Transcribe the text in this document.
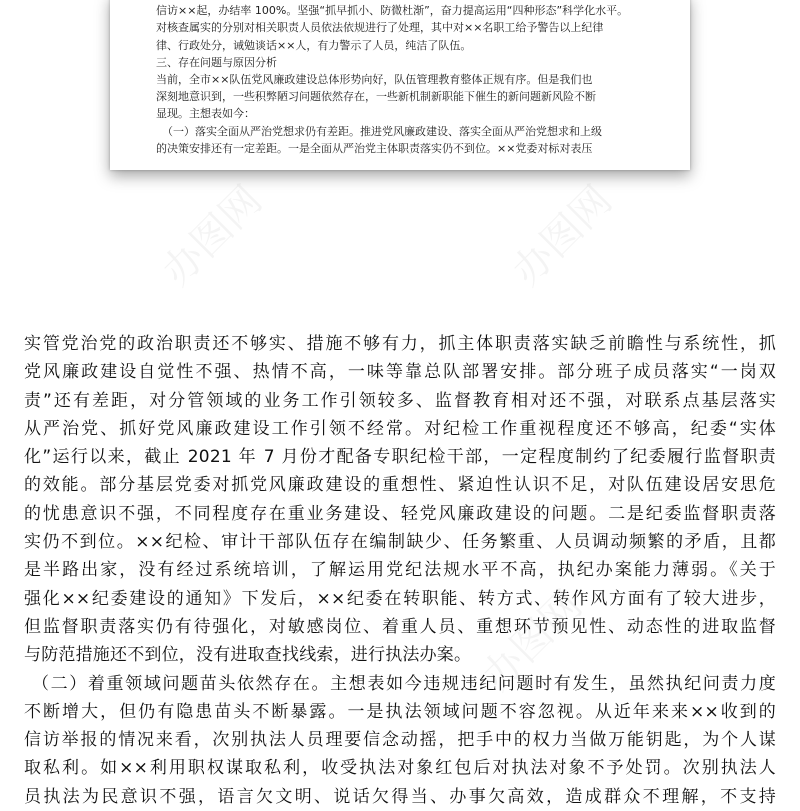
信访××起，办结率 100%。坚强“抓早抓小、防微杜渐”，奋力提高运用“四种形态”科学化水平。
对核查属实的分别对相关职责人员依法依规进行了处理，其中对××名职工给予警告以上纪律
律、行政处分，诫勉谈话××人，有力警示了人员，纯洁了队伍。
三、存在问题与原因分析
当前，全市××队伍党风廉政建设总体形势向好，队伍管理教育整体正规有序。但是我们也
深刻地意识到，一些积弊陋习问题依然存在，一些新机制新职能下催生的新问题新风险不断
显现。主想表如今：
（一）落实全面从严治党想求仍有差距。推进党风廉政建设、落实全面从严治党想求和上级
的决策安排还有一定差距。一是全面从严治党主体职责落实仍不到位。××党委对标对表压
实管党治党的政治职责还不够实、措施不够有力，抓主体职责落实缺乏前瞻性与系统性，抓
党风廉政建设自觉性不强、热情不高，一味等靠总队部署安排。部分班子成员落实“一岗双
责”还有差距，对分管领域的业务工作引领较多、监督教育相对还不强，对联系点基层落实
从严治党、抓好党风廉政建设工作引领不经常。对纪检工作重视程度还不够高，纪委“实体
化”运行以来，截止 2021 年 7 月份才配备专职纪检干部，一定程度制约了纪委履行监督职责
的效能。部分基层党委对抓党风廉政建设的重想性、紧迫性认识不足，对队伍建设居安思危
的忧患意识不强，不同程度存在重业务建设、轻党风廉政建设的问题。二是纪委监督职责落
实仍不到位。××纪检、审计干部队伍存在编制缺少、任务繁重、人员调动频繁的矛盾，且都
是半路出家，没有经过系统培训，了解运用党纪法规水平不高，执纪办案能力薄弱。《关于
强化××纪委建设的通知》下发后，××纪委在转职能、转方式、转作风方面有了较大进步，
但监督职责落实仍有待强化，对敏感岗位、着重人员、重想环节预见性、动态性的进取监督
与防范措施还不到位，没有进取查找线索，进行执法办案。
（二）着重领域问题苗头依然存在。主想表如今违规违纪问题时有发生，虽然执纪问责力度
不断增大，但仍有隐患苗头不断暴露。一是执法领域问题不容忽视。从近年来来××收到的
信访举报的情况来看，次别执法人员理要信念动摇，把手中的权力当做万能钥匙，为个人谋
取私利。如××利用职权谋取私利，收受执法对象红包后对执法对象不予处罚。次别执法人
员执法为民意识不强，语言欠文明、说话欠得当、办事欠高效，造成群众不理解，不支持
